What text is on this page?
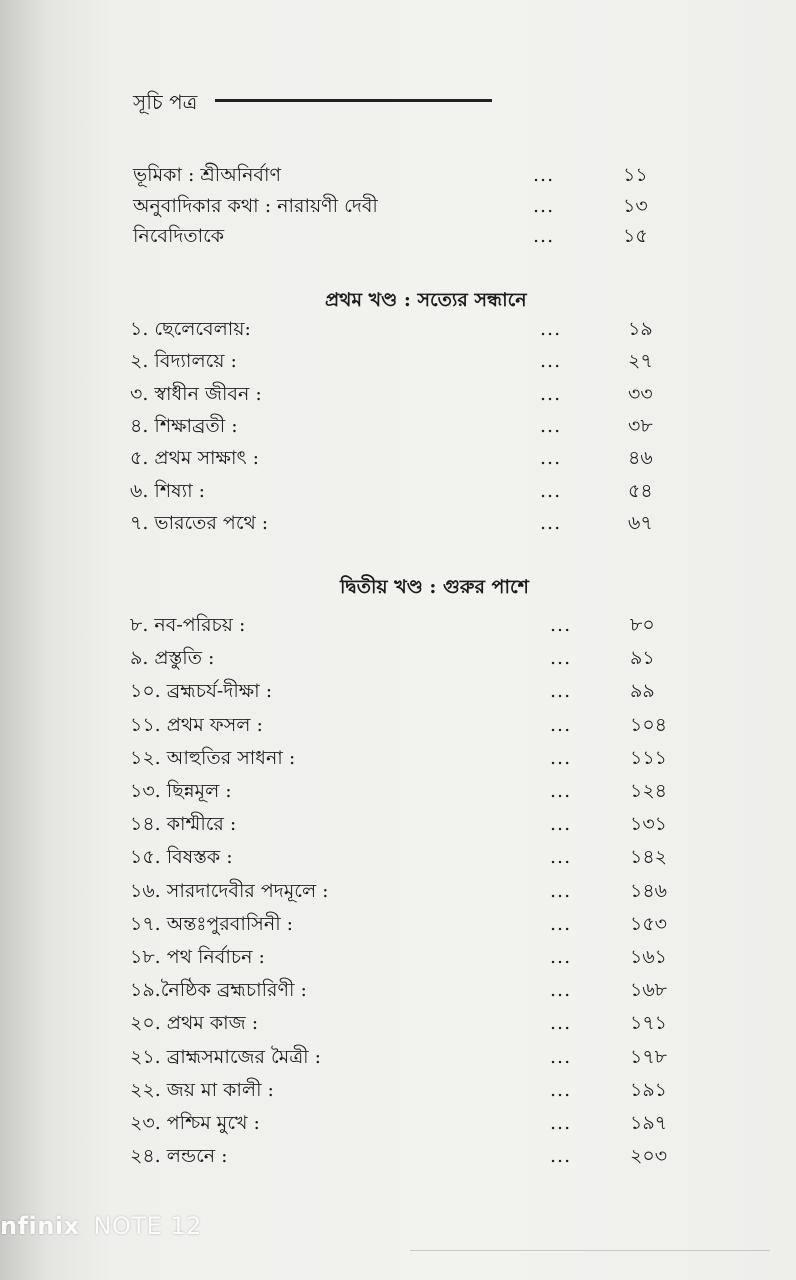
সূচি পত্র
ভূমিকা : শ্রীঅনির্বাণ	...	১১
অনুবাদিকার কথা : নারায়ণী দেবী	...	১৩
নিবেদিতাকে	...	১৫
প্রথম খণ্ড : সত্যের সন্ধানে
১. ছেলেবেলায়:	...	১৯
২. বিদ্যালয়ে :	...	২৭
৩. স্বাধীন জীবন :	...	৩৩
৪. শিক্ষাব্রতী :	...	৩৮
৫. প্রথম সাক্ষাৎ :	...	৪৬
৬. শিষ্যা :	...	৫৪
৭. ভারতের পথে :	...	৬৭
দ্বিতীয় খণ্ড : গুরুর পাশে
৮. নব-পরিচয় :	...	৮০
৯. প্রস্তুতি :	...	৯১
১০. ব্রহ্মচর্য-দীক্ষা :	...	৯৯
১১. প্রথম ফসল :	...	১০৪
১২. আহুতির সাধনা :	...	১১১
১৩. ছিন্নমূল :	...	১২৪
১৪. কাশ্মীরে :	...	১৩১
১৫. বিষস্তক :	...	১৪২
১৬. সারদাদেবীর পদমূলে :	...	১৪৬
১৭. অন্তঃপুরবাসিনী :	...	১৫৩
১৮. পথ নির্বাচন :	...	১৬১
১৯.নৈষ্ঠিক ব্রহ্মচারিণী :	...	১৬৮
২০. প্রথম কাজ :	...	১৭১
২১. ব্রাহ্মসমাজের মৈত্রী :	...	১৭৮
২২. জয় মা কালী :	...	১৯১
২৩. পশ্চিম মুখে :	...	১৯৭
২৪. লন্ডনে :	...	২০৩
nfinix NOTE 12
